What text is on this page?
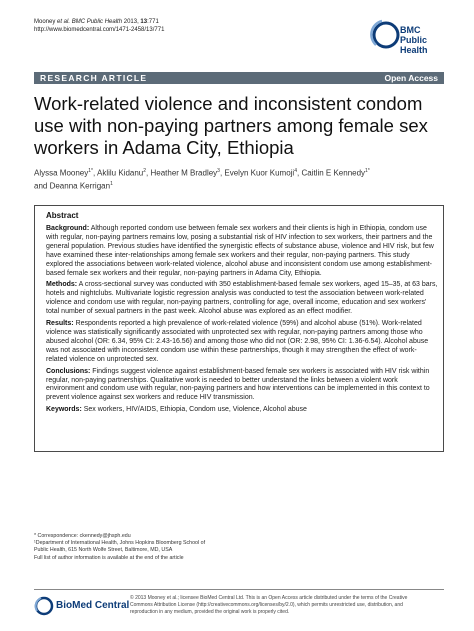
Mooney et al. BMC Public Health 2013, 13:771
http://www.biomedcentral.com/1471-2458/13/771	BMC
Public Health
RESEARCH ARTICLE	Open Access
Work-related violence and inconsistent condom use with non-paying partners among female sex workers in Adama City, Ethiopia
Alyssa Mooney$^{1*}$, Aklilu Kidanu$^2$, Heather M Bradley$^3$, Evelyn Kuor Kumoji$^4$, Caitlin E Kennedy$^{1*}$
and Deanna Kerrigan$^1$
Abstract

Background: Although reported condom use between female sex workers and their clients is high in Ethiopia, condom use with regular, non-paying partners remains low, posing a substantial risk of HIV infection to sex workers, their partners and the general population. Previous studies have identified the synergistic effects of substance abuse, violence and HIV risk, but few have examined these inter-relationships among female sex workers and their regular, non-paying partners. This study explored the associations between work-related violence, alcohol abuse and inconsistent condom use among establishment-based female sex workers and their regular, non-paying partners in Adama City, Ethiopia.

Methods: A cross-sectional survey was conducted with 350 establishment-based female sex workers, aged 15–35, at 63 bars, hotels and nightclubs. Multivariate logistic regression analysis was conducted to test the association between work-related violence and condom use with regular, non-paying partners, controlling for age, overall income, education and sex workers' total number of sexual partners in the past week. Alcohol abuse was explored as an effect modifier.

Results: Respondents reported a high prevalence of work-related violence (59%) and alcohol abuse (51%). Work-related violence was statistically significantly associated with unprotected sex with regular, non-paying partners among those who abused alcohol (OR: 6.34, 95% CI: 2.43-16.56) and among those who did not (OR: 2.98, 95% CI: 1.36-6.54). Alcohol abuse was not associated with inconsistent condom use within these partnerships, though it may strengthen the effect of work-related violence on unprotected sex.

Conclusions: Findings suggest violence against establishment-based female sex workers is associated with HIV risk within regular, non-paying partnerships. Qualitative work is needed to better understand the links between a violent work environment and condom use with regular, non-paying partners and how interventions can be implemented in this context to prevent violence against sex workers and reduce HIV transmission.

Keywords: Sex workers, HIV/AIDS, Ethiopia, Condom use, Violence, Alcohol abuse

* Correspondence: ckennedy@jhsph.edu
¹Department of International Health, Johns Hopkins Bloomberg School of
Public Health, 615 North Wolfe Street, Baltimore, MD, USA
Full list of author information is available at the end of the article
BioMed Central
© 2013 Mooney et al.; licensee BioMed Central Ltd. This is an Open Access article distributed under the terms of the Creative
Commons Attribution License (http://creativecommons.org/licenses/by/2.0), which permits unrestricted use, distribution, and
reproduction in any medium, provided the original work is properly cited.
